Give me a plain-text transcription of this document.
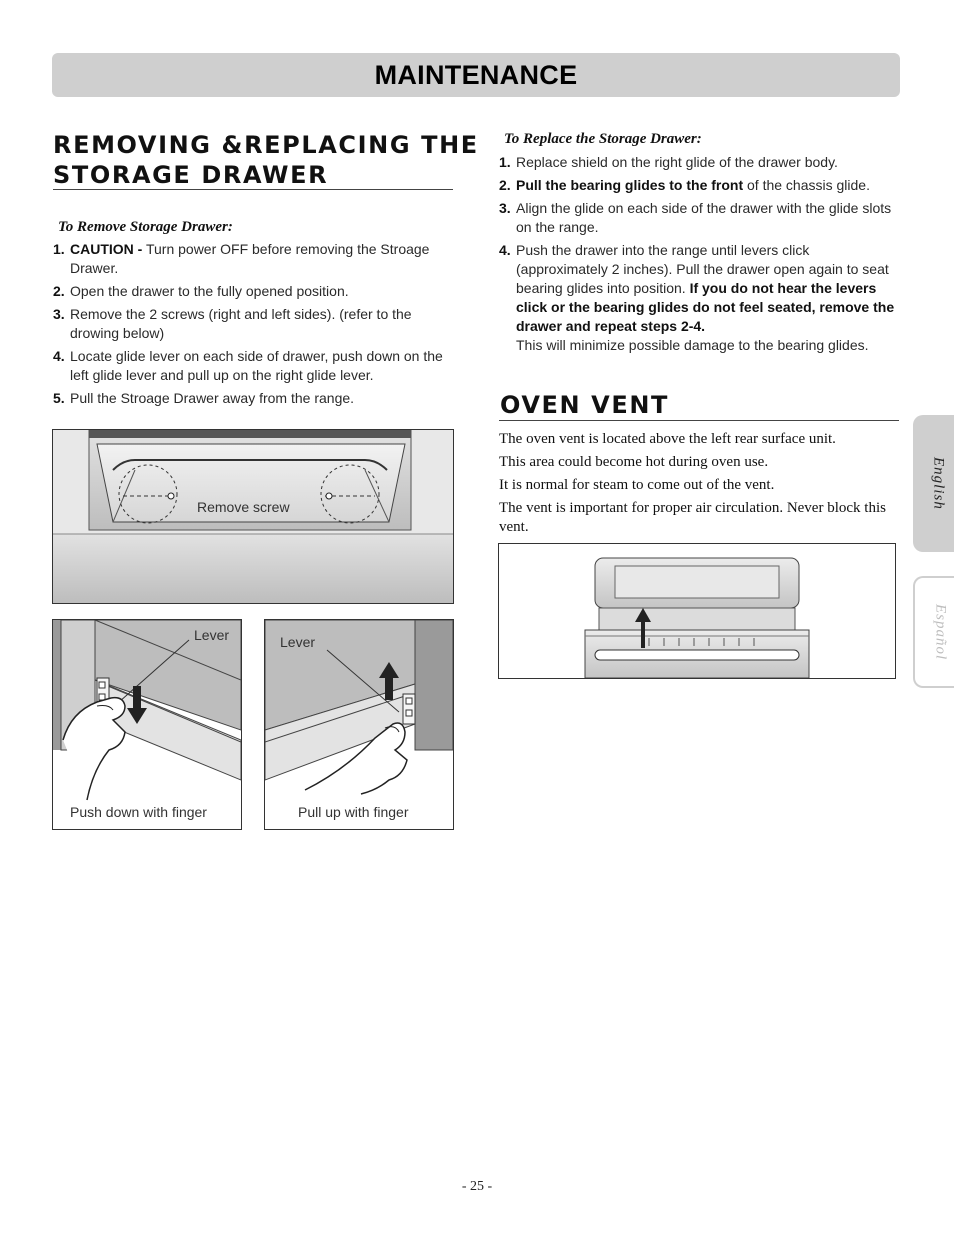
MAINTENANCE
REMOVING &REPLACING THE
STORAGE DRAWER
To Remove Storage Drawer:
1. CAUTION - Turn power OFF before removing the Stroage Drawer.
2. Open the drawer to the fully opened position.
3. Remove the 2 screws (right and left sides). (refer to the drowing below)
4. Locate glide lever on each side of drawer, push down on the left glide lever and pull up on the right glide lever.
5. Pull the Stroage Drawer away from the range.
Remove screw
Lever
Push down with finger
Lever
Pull up with finger
To Replace the Storage Drawer:
1. Replace shield on the right glide of the drawer body.
2. Pull the bearing glides to the front of the chassis glide.
3. Align the glide on each side of the drawer with the glide slots on the range.
4. Push the drawer into the range until levers click (approximately 2 inches). Pull the drawer open again to seat bearing glides into position. If you do not hear the levers click or the bearing glides do not feel seated, remove the drawer and repeat steps 2-4.
This will minimize possible damage to the bearing glides.
OVEN VENT

The oven vent is located above the left rear surface unit.

This area could become hot during oven use.

It is normal for steam to come out of the vent.

The vent is important for proper air circulation. Never block this vent.

English
Español
- 25 -
